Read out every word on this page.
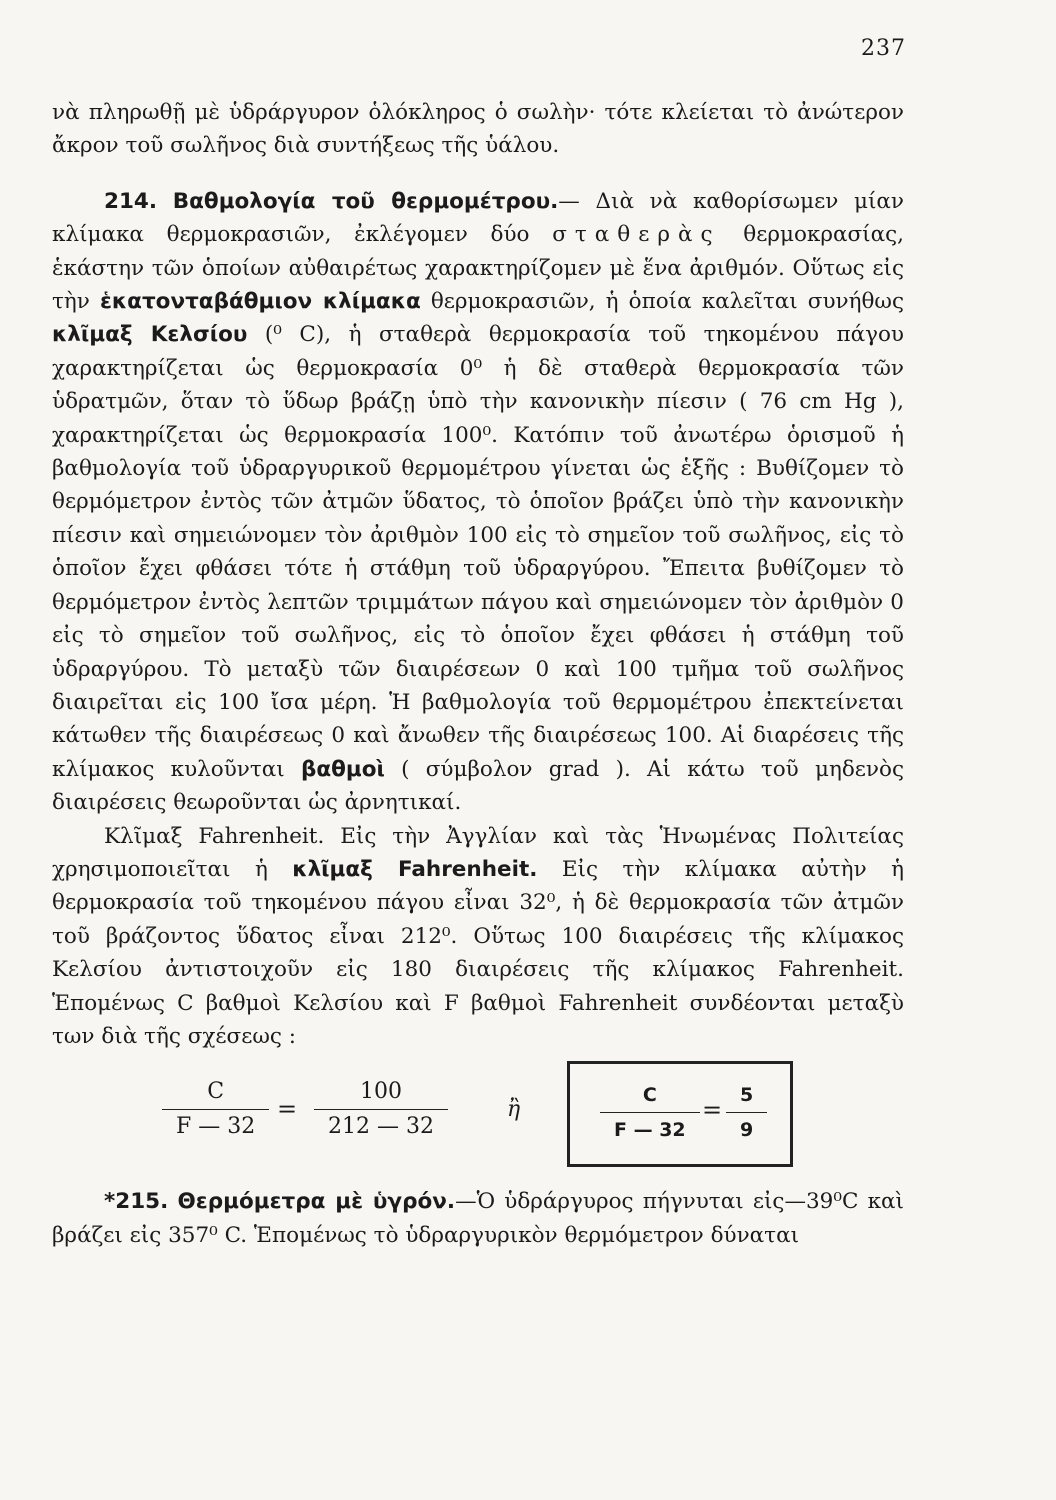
237

νὰ πληρωθῇ μὲ ὑδράργυρον ὁλόκληρος ὁ σωλὴν· τότε κλείεται τὸ ἀνώτερον ἄκρον τοῦ σωλῆνος διὰ συντήξεως τῆς ὑάλου.

214. Βαθμολογία τοῦ θερμομέτρου.— Διὰ νὰ καθορίσωμεν μίαν κλίμακα θερμοκρασιῶν, ἐκλέγομεν δύο σταθερὰς θερμοκρασίας, ἑκάστην τῶν ὁποίων αὐθαιρέτως χαρακτηρίζομεν μὲ ἕνα ἀριθμόν. Οὕτως εἰς τὴν ἑκατονταβάθμιον κλίμακα θερμοκρασιῶν, ἡ ὁποία καλεῖται συνήθως κλῖμαξ Κελσίου (⁰ C), ἡ σταθερὰ θερμοκρασία τοῦ τηκομένου πάγου χαρακτηρίζεται ὡς θερμοκρασία 0⁰ ἡ δὲ σταθερὰ θερμοκρασία τῶν ὑδρατμῶν, ὅταν τὸ ὕδωρ βράζῃ ὑπὸ τὴν κανονικὴν πίεσιν ( 76 cm Hg ), χαρακτηρίζεται ὡς θερμοκρασία 100⁰. Κατόπιν τοῦ ἀνωτέρω ὁρισμοῦ ἡ βαθμολογία τοῦ ὑδραργυρικοῦ θερμομέτρου γίνεται ὡς ἑξῆς : Βυθίζομεν τὸ θερμόμετρον ἐντὸς τῶν ἀτμῶν ὕδατος, τὸ ὁποῖον βράζει ὑπὸ τὴν κανονικὴν πίεσιν καὶ σημειώνομεν τὸν ἀριθμὸν 100 εἰς τὸ σημεῖον τοῦ σωλῆνος, εἰς τὸ ὁποῖον ἔχει φθάσει τότε ἡ στάθμη τοῦ ὑδραργύρου. Ἔπειτα βυθίζομεν τὸ θερμόμετρον ἐντὸς λεπτῶν τριμμάτων πάγου καὶ σημειώνομεν τὸν ἀριθμὸν 0 εἰς τὸ σημεῖον τοῦ σωλῆνος, εἰς τὸ ὁποῖον ἔχει φθάσει ἡ στάθμη τοῦ ὑδραργύρου. Τὸ μεταξὺ τῶν διαιρέσεων 0 καὶ 100 τμῆμα τοῦ σωλῆνος διαιρεῖται εἰς 100 ἴσα μέρη. Ἡ βαθμολογία τοῦ θερμομέτρου ἐπεκτείνεται κάτωθεν τῆς διαιρέσεως 0 καὶ ἄνωθεν τῆς διαιρέσεως 100. Αἱ διαρέσεις τῆς κλίμακος κυλοῦνται βαθμοὶ ( σύμβολον grad ). Αἱ κάτω τοῦ μηδενὸς διαιρέσεις θεωροῦνται ὡς ἀρνητικαί.

Κλῖμαξ Fahrenheit. Εἰς τὴν Ἀγγλίαν καὶ τὰς Ἡνωμένας Πολιτείας χρησιμοποιεῖται ἡ κλῖμαξ Fahrenheit. Εἰς τὴν κλίμακα αὐτὴν ἡ θερμοκρασία τοῦ τηκομένου πάγου εἶναι 32⁰, ἡ δὲ θερμοκρασία τῶν ἀτμῶν τοῦ βράζοντος ὕδατος εἶναι 212⁰. Οὕτως 100 διαιρέσεις τῆς κλίμακος Κελσίου ἀντιστοιχοῦν εἰς 180 διαιρέσεις τῆς κλίμακος Fahrenheit. Ἑπομένως C βαθμοὶ Κελσίου καὶ F βαθμοὶ Fahrenheit συνδέονται μεταξὺ των διὰ τῆς σχέσεως :

$\frac{C}{F — 32} = \frac{100}{212 — 32}$	ἢ	$\frac{C}{F — 32} = \frac{5}{9}$

*215. Θερμόμετρα μὲ ὑγρόν.—Ὁ ὑδράργυρος πήγνυται εἰς—39⁰C καὶ βράζει εἰς 357⁰ C. Ἑπομένως τὸ ὑδραργυρικὸν θερμόμετρον δύναται
